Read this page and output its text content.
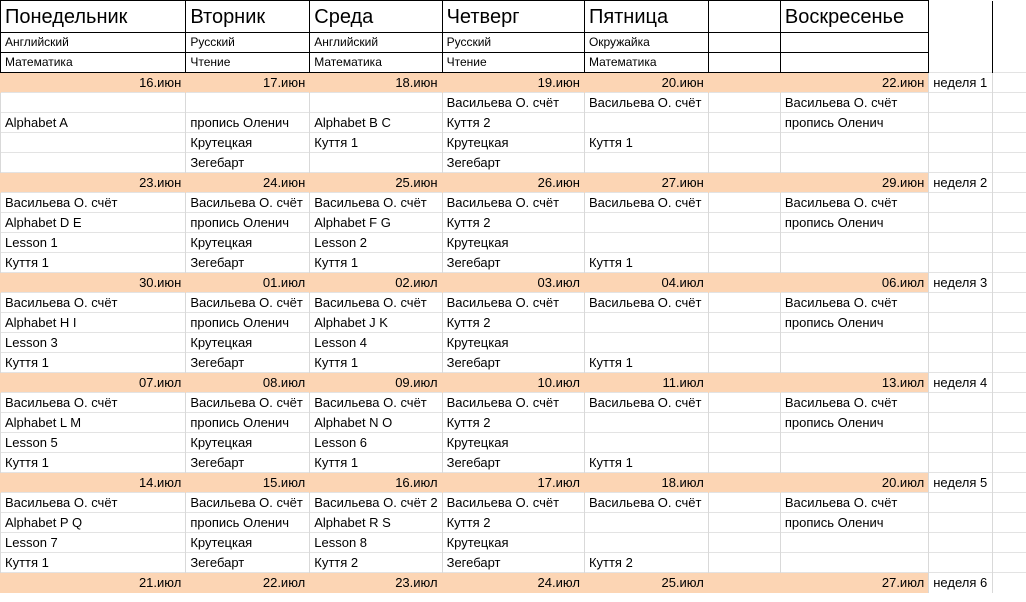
Понедельник	Вторник	Среда	Четверг	Пятница		Воскресенье		
Английский	Русский	Английский	Русский	Окружайка				
Математика	Чтение	Математика	Чтение	Математика				
16.июн	17.июн	18.июн	19.июн	20.июн		22.июн	неделя 1	
			Васильева О. счёт	Васильева О. счёт		Васильева О. счёт		
Alphabet A	пропись Оленич	Alphabet B C	Куття 2			пропись Оленич		
	Крутецкая	Куття 1	Крутецкая	Куття 1				
	Зегебарт		Зегебарт					
23.июн	24.июн	25.июн	26.июн	27.июн		29.июн	неделя 2	
Васильева О. счёт	Васильева О. счёт	Васильева О. счёт	Васильева О. счёт	Васильева О. счёт		Васильева О. счёт		
Alphabet D E	пропись Оленич	Alphabet F G	Куття 2			пропись Оленич		
Lesson 1	Крутецкая	Lesson 2	Крутецкая					
Куття 1	Зегебарт	Куття 1	Зегебарт	Куття 1				
30.июн	01.июл	02.июл	03.июл	04.июл		06.июл	неделя 3	
Васильева О. счёт	Васильева О. счёт	Васильева О. счёт	Васильева О. счёт	Васильева О. счёт		Васильева О. счёт		
Alphabet H I	пропись Оленич	Alphabet J K	Куття 2			пропись Оленич		
Lesson 3	Крутецкая	Lesson 4	Крутецкая					
Куття 1	Зегебарт	Куття 1	Зегебарт	Куття 1				
07.июл	08.июл	09.июл	10.июл	11.июл		13.июл	неделя 4	
Васильева О. счёт	Васильева О. счёт	Васильева О. счёт	Васильева О. счёт	Васильева О. счёт		Васильева О. счёт		
Alphabet L M	пропись Оленич	Alphabet N O	Куття 2			пропись Оленич		
Lesson 5	Крутецкая	Lesson 6	Крутецкая					
Куття 1	Зегебарт	Куття 1	Зегебарт	Куття 1				
14.июл	15.июл	16.июл	17.июл	18.июл		20.июл	неделя 5	
Васильева О. счёт	Васильева О. счёт	Васильева О. счёт 2	Васильева О. счёт	Васильева О. счёт		Васильева О. счёт		
Alphabet P Q	пропись Оленич	Alphabet R S	Куття 2			пропись Оленич		
Lesson 7	Крутецкая	Lesson 8	Крутецкая					
Куття 1	Зегебарт	Куття 2	Зегебарт	Куття 2				
21.июл	22.июл	23.июл	24.июл	25.июл		27.июл	неделя 6	
